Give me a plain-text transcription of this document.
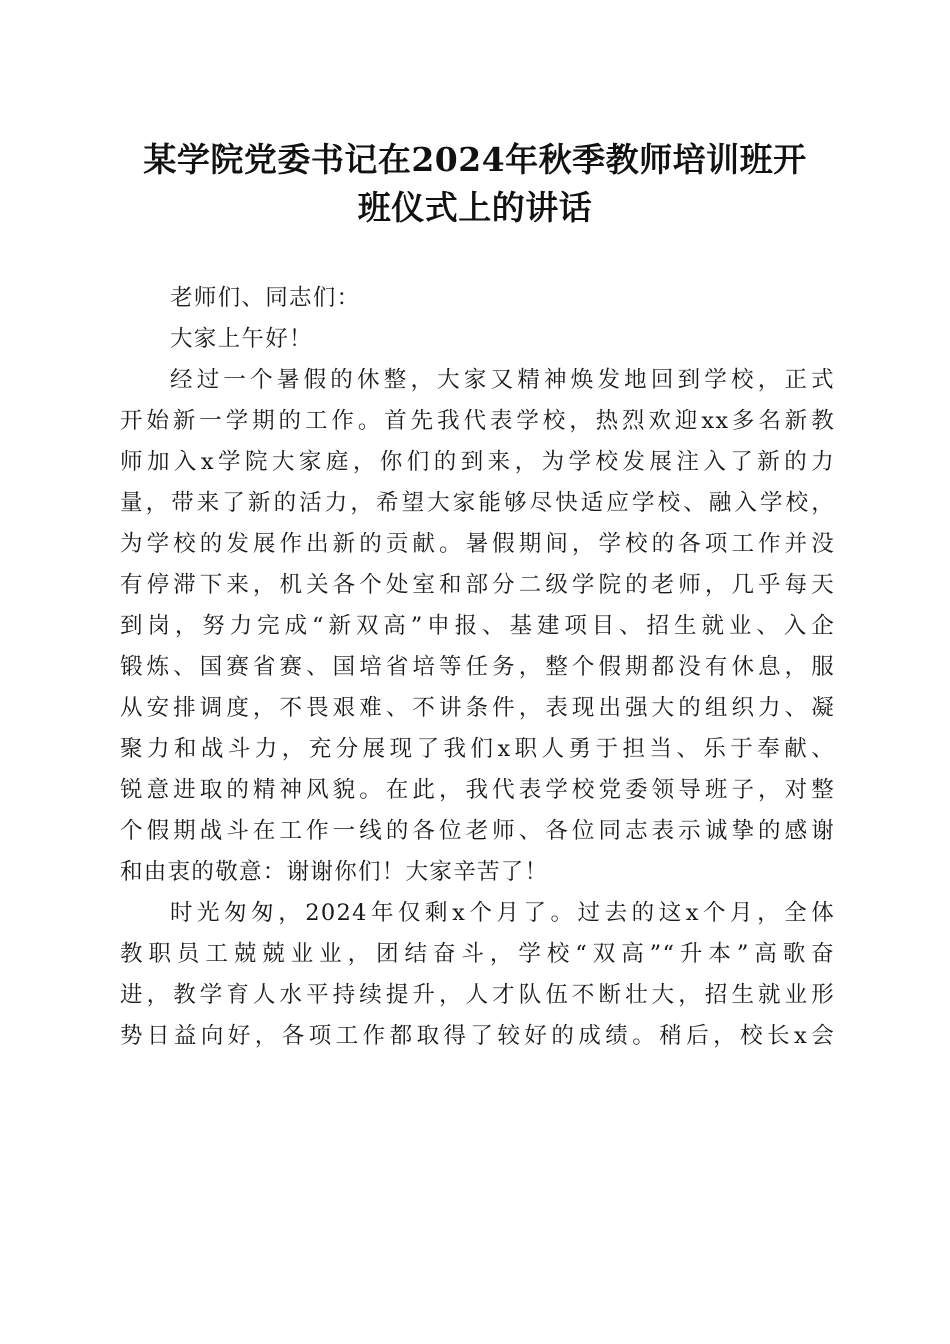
某学院党委书记在2024年秋季教师培训班开
班仪式上的讲话
老师们、同志们：
大家上午好！
经过一个暑假的休整，大家又精神焕发地回到学校，正式
开始新一学期的工作。首先我代表学校，热烈欢迎xx多名新教
师加入x学院大家庭，你们的到来，为学校发展注入了新的力
量，带来了新的活力，希望大家能够尽快适应学校、融入学校，
为学校的发展作出新的贡献。暑假期间，学校的各项工作并没
有停滞下来，机关各个处室和部分二级学院的老师，几乎每天
到岗，努力完成“新双高”申报、基建项目、招生就业、入企
锻炼、国赛省赛、国培省培等任务，整个假期都没有休息，服
从安排调度，不畏艰难、不讲条件，表现出强大的组织力、凝
聚力和战斗力，充分展现了我们x职人勇于担当、乐于奉献、
锐意进取的精神风貌。在此，我代表学校党委领导班子，对整
个假期战斗在工作一线的各位老师、各位同志表示诚挚的感谢
和由衷的敬意：谢谢你们！大家辛苦了！
时光匆匆，2024年仅剩x个月了。过去的这x个月，全体
教职员工兢兢业业，团结奋斗，学校“双高”“升本”高歌奋
进，教学育人水平持续提升，人才队伍不断壮大，招生就业形
势日益向好，各项工作都取得了较好的成绩。稍后，校长x会
